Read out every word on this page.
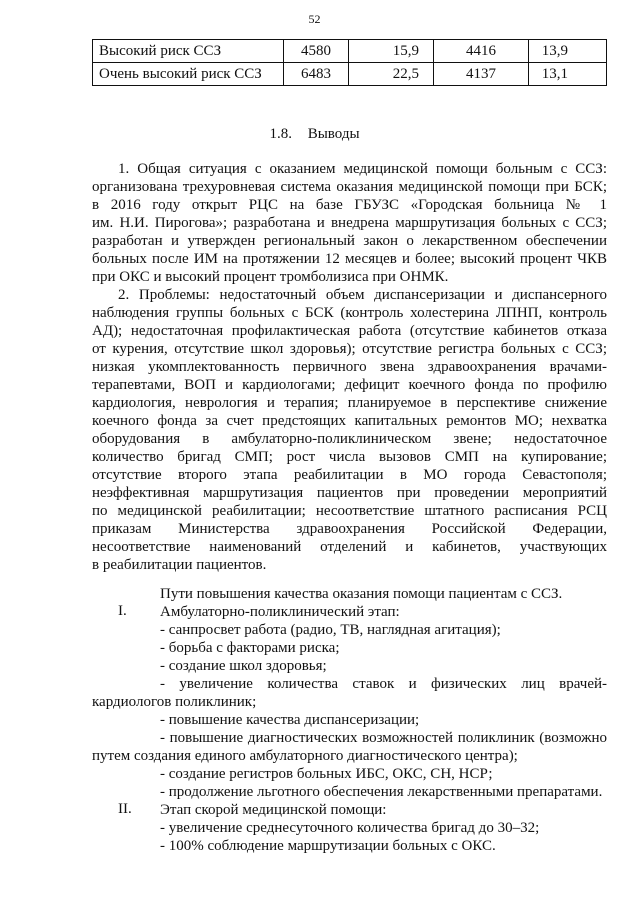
52
Высокий риск ССЗ	4580	15,9	4416	13,9
Очень высокий риск ССЗ	6483	22,5	4137	13,1
1.8. Выводы
1. Общая ситуация с оказанием медицинской помощи больным с ССЗ:
организована трехуровневая система оказания медицинской помощи при БСК;
в 2016 году открыт РЦС на базе ГБУЗС «Городская больница № 1
им. Н.И. Пирогова»; разработана и внедрена маршрутизация больных с ССЗ;
разработан и утвержден региональный закон о лекарственном обеспечении
больных после ИМ на протяжении 12 месяцев и более; высокий процент ЧКВ
при ОКС и высокий процент тромболизиса при ОНМК.
2. Проблемы: недостаточный объем диспансеризации и диспансерного
наблюдения группы больных с БСК (контроль холестерина ЛПНП, контроль
АД); недостаточная профилактическая работа (отсутствие кабинетов отказа
от курения, отсутствие школ здоровья); отсутствие регистра больных с ССЗ;
низкая укомплектованность первичного звена здравоохранения врачами-
терапевтами, ВОП и кардиологами; дефицит коечного фонда по профилю
кардиология, неврология и терапия; планируемое в перспективе снижение
коечного фонда за счет предстоящих капитальных ремонтов МО; нехватка
оборудования в амбулаторно-поликлиническом звене; недостаточное
количество бригад СМП; рост числа вызовов СМП на купирование;
отсутствие второго этапа реабилитации в МО города Севастополя;
неэффективная маршрутизация пациентов при проведении мероприятий
по медицинской реабилитации; несоответствие штатного расписания РСЦ
приказам Министерства здравоохранения Российской Федерации,
несоответствие наименований отделений и кабинетов, участвующих
в реабилитации пациентов.
Пути повышения качества оказания помощи пациентам с ССЗ.
I. Амбулаторно-поликлинический этап:
- санпросвет работа (радио, ТВ, наглядная агитация);
- борьба с факторами риска;
- создание школ здоровья;
- увеличение количества ставок и физических лиц врачей-
кардиологов поликлиник;
- повышение качества диспансеризации;
- повышение диагностических возможностей поликлиник (возможно
путем создания единого амбулаторного диагностического центра);
- создание регистров больных ИБС, ОКС, СН, НСР;
- продолжение льготного обеспечения лекарственными препаратами.
II. Этап скорой медицинской помощи:
- увеличение среднесуточного количества бригад до 30–32;
- 100% соблюдение маршрутизации больных с ОКС.
